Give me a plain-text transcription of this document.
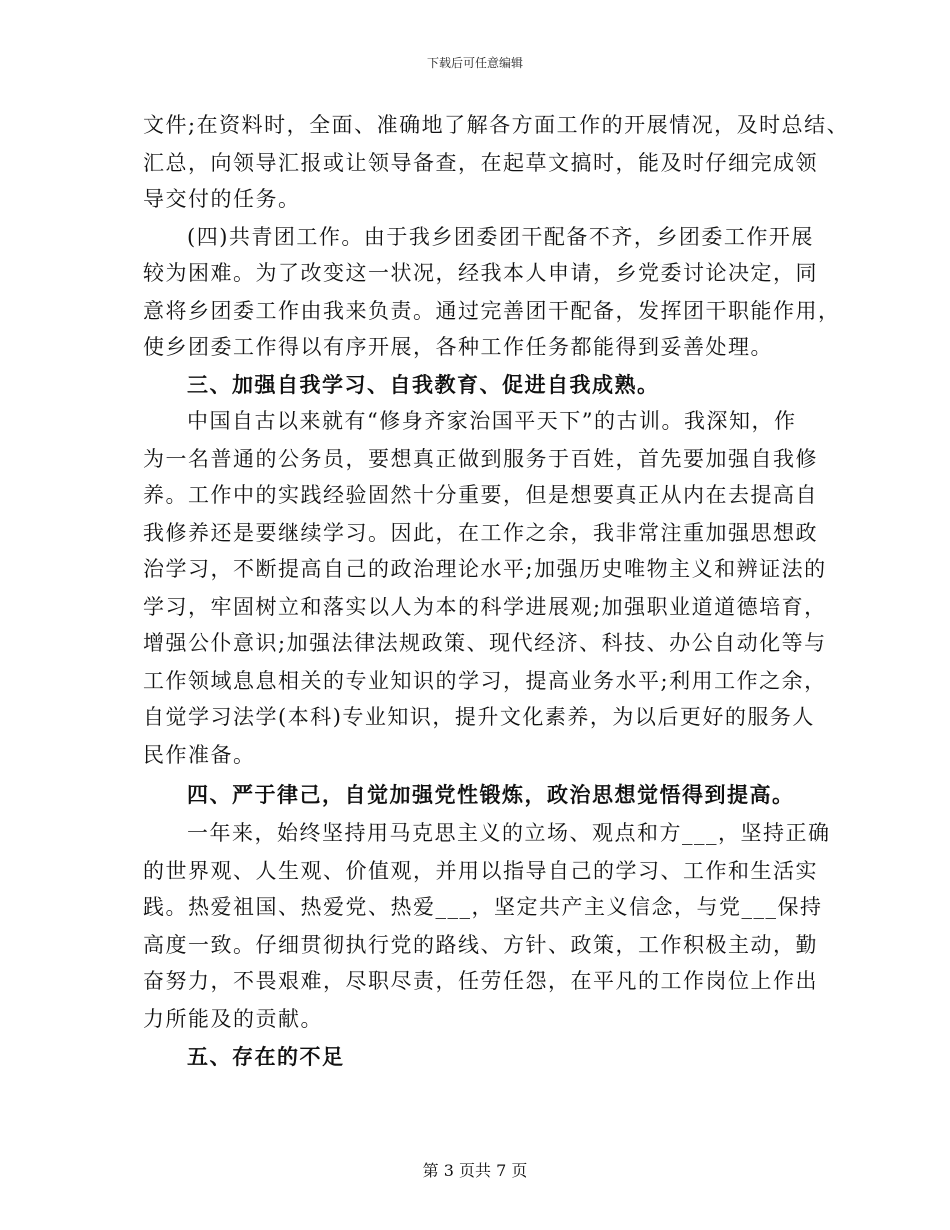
下载后可任意编辑
文件;在资料时，全面、准确地了解各方面工作的开展情况，及时总结、
汇总，向领导汇报或让领导备查，在起草文搞时，能及时仔细完成领
导交付的任务。
(四)共青团工作。由于我乡团委团干配备不齐，乡团委工作开展
较为困难。为了改变这一状况，经我本人申请，乡党委讨论决定，同
意将乡团委工作由我来负责。通过完善团干配备，发挥团干职能作用，
使乡团委工作得以有序开展，各种工作任务都能得到妥善处理。
三、加强自我学习、自我教育、促进自我成熟。
中国自古以来就有“修身齐家治国平天下”的古训。我深知，作
为一名普通的公务员，要想真正做到服务于百姓，首先要加强自我修
养。工作中的实践经验固然十分重要，但是想要真正从内在去提高自
我修养还是要继续学习。因此，在工作之余，我非常注重加强思想政
治学习，不断提高自己的政治理论水平;加强历史唯物主义和辨证法的
学习，牢固树立和落实以人为本的科学进展观;加强职业道道德培育，
增强公仆意识;加强法律法规政策、现代经济、科技、办公自动化等与
工作领域息息相关的专业知识的学习，提高业务水平;利用工作之余，
自觉学习法学(本科)专业知识，提升文化素养，为以后更好的服务人
民作准备。
四、严于律己，自觉加强党性锻炼，政治思想觉悟得到提高。
一年来，始终坚持用马克思主义的立场、观点和方___，坚持正确
的世界观、人生观、价值观，并用以指导自己的学习、工作和生活实
践。热爱祖国、热爱党、热爱___，坚定共产主义信念，与党___保持
高度一致。仔细贯彻执行党的路线、方针、政策，工作积极主动，勤
奋努力，不畏艰难，尽职尽责，任劳任怨，在平凡的工作岗位上作出
力所能及的贡献。
五、存在的不足
第 3 页共 7 页
